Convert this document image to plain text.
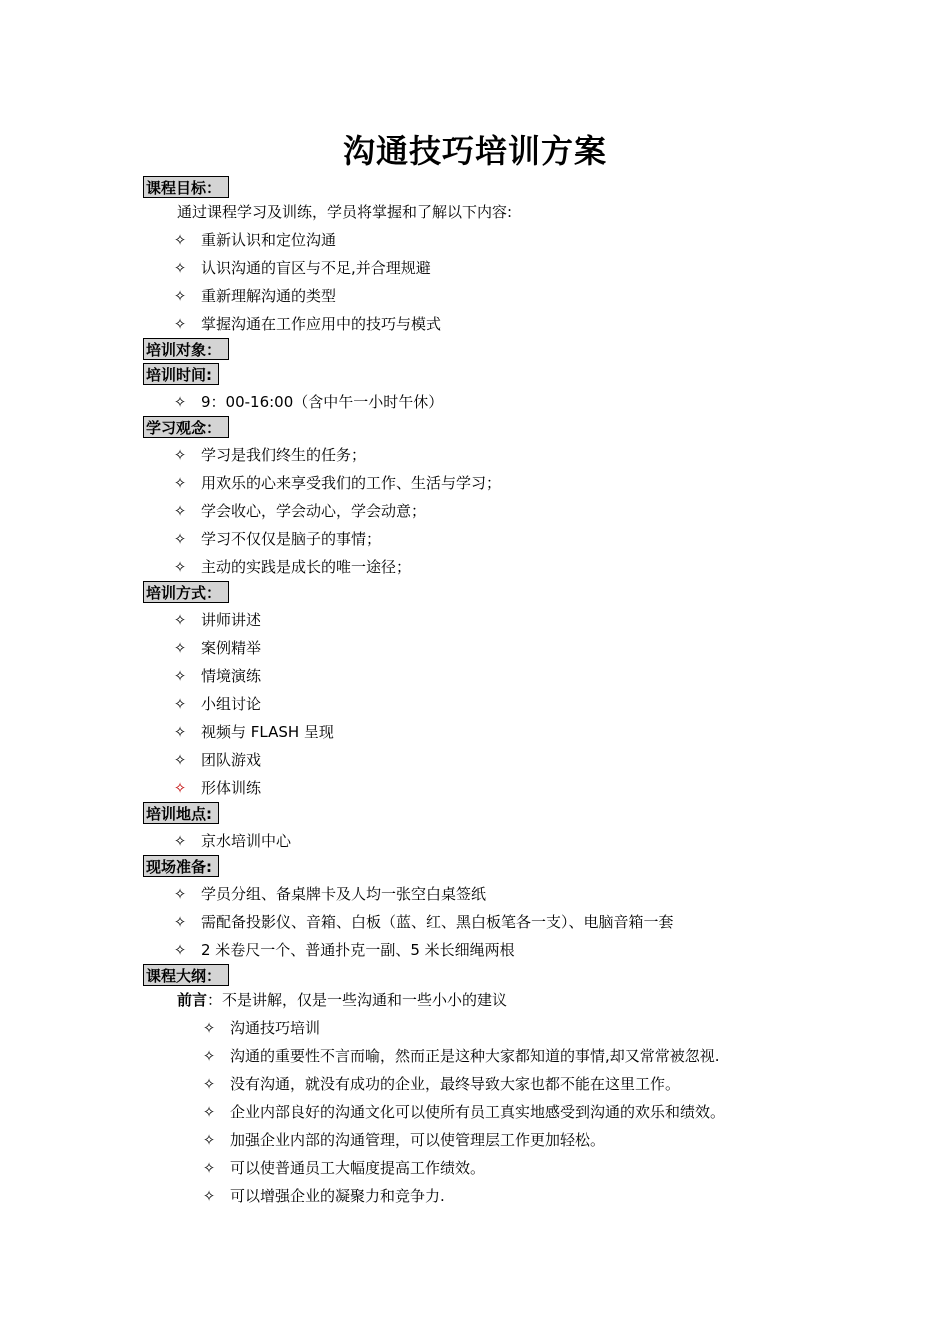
沟通技巧培训方案
课程目标：
通过课程学习及训练，学员将掌握和了解以下内容:
✧ 重新认识和定位沟通
✧ 认识沟通的盲区与不足,并合理规避
✧ 重新理解沟通的类型
✧ 掌握沟通在工作应用中的技巧与模式
培训对象：
培训时间:
✧ 9：00-16:00（含中午一小时午休）
学习观念：
✧ 学习是我们终生的任务；
✧ 用欢乐的心来享受我们的工作、生活与学习；
✧ 学会收心，学会动心，学会动意；
✧ 学习不仅仅是脑子的事情；
✧ 主动的实践是成长的唯一途径；
培训方式：
✧ 讲师讲述
✧ 案例精举
✧ 情境演练
✧ 小组讨论
✧ 视频与 FLASH 呈现
✧ 团队游戏
✧ 形体训练
培训地点:
✧ 京水培训中心
现场准备:
✧ 学员分组、备桌牌卡及人均一张空白桌签纸
✧ 需配备投影仪、音箱、白板（蓝、红、黑白板笔各一支）、电脑音箱一套
✧ 2 米卷尺一个、普通扑克一副、5 米长细绳两根
课程大纲：
前言：不是讲解，仅是一些沟通和一些小小的建议
✧ 沟通技巧培训
✧ 沟通的重要性不言而喻，然而正是这种大家都知道的事情,却又常常被忽视.
✧ 没有沟通，就没有成功的企业，最终导致大家也都不能在这里工作。
✧ 企业内部良好的沟通文化可以使所有员工真实地感受到沟通的欢乐和绩效。
✧ 加强企业内部的沟通管理，可以使管理层工作更加轻松。
✧ 可以使普通员工大幅度提高工作绩效。
✧ 可以增强企业的凝聚力和竞争力.
